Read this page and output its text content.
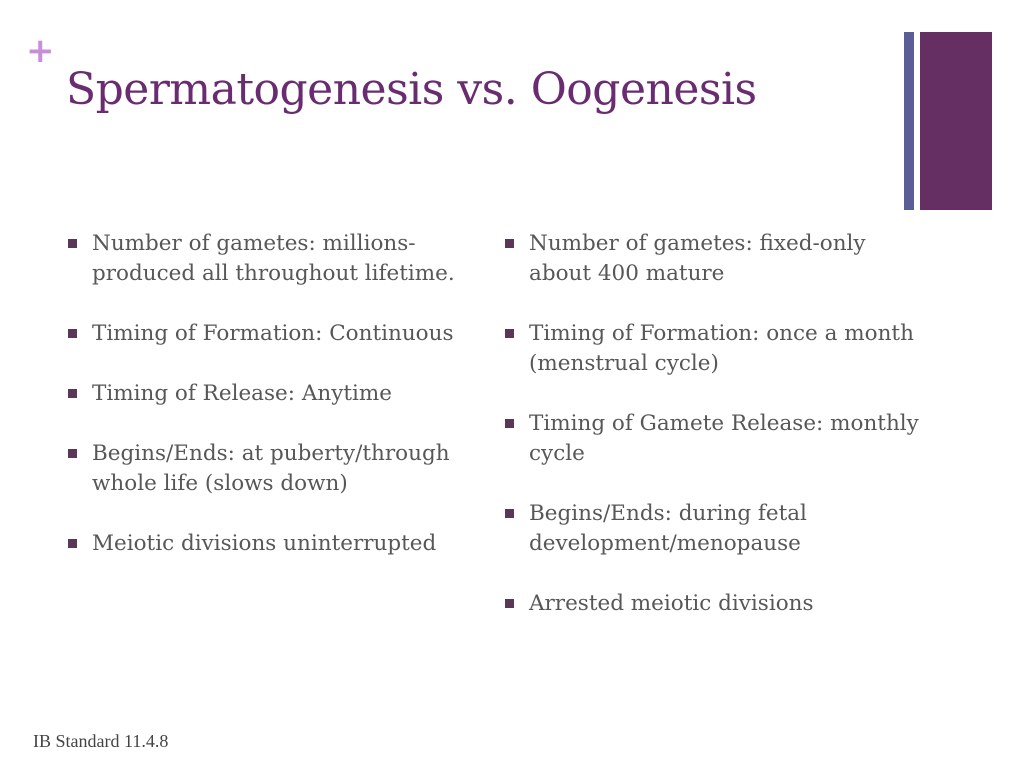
+
Spermatogenesis vs. Oogenesis
Number of gametes: millions-produced all throughout lifetime.
Timing of Formation: Continuous
Timing of Release: Anytime
Begins/Ends: at puberty/through whole life (slows down)
Meiotic divisions uninterrupted
Number of gametes: fixed-only about 400 mature
Timing of Formation: once a month (menstrual cycle)
Timing of Gamete Release: monthly cycle
Begins/Ends: during fetal development/menopause
Arrested meiotic divisions
IB Standard 11.4.8
